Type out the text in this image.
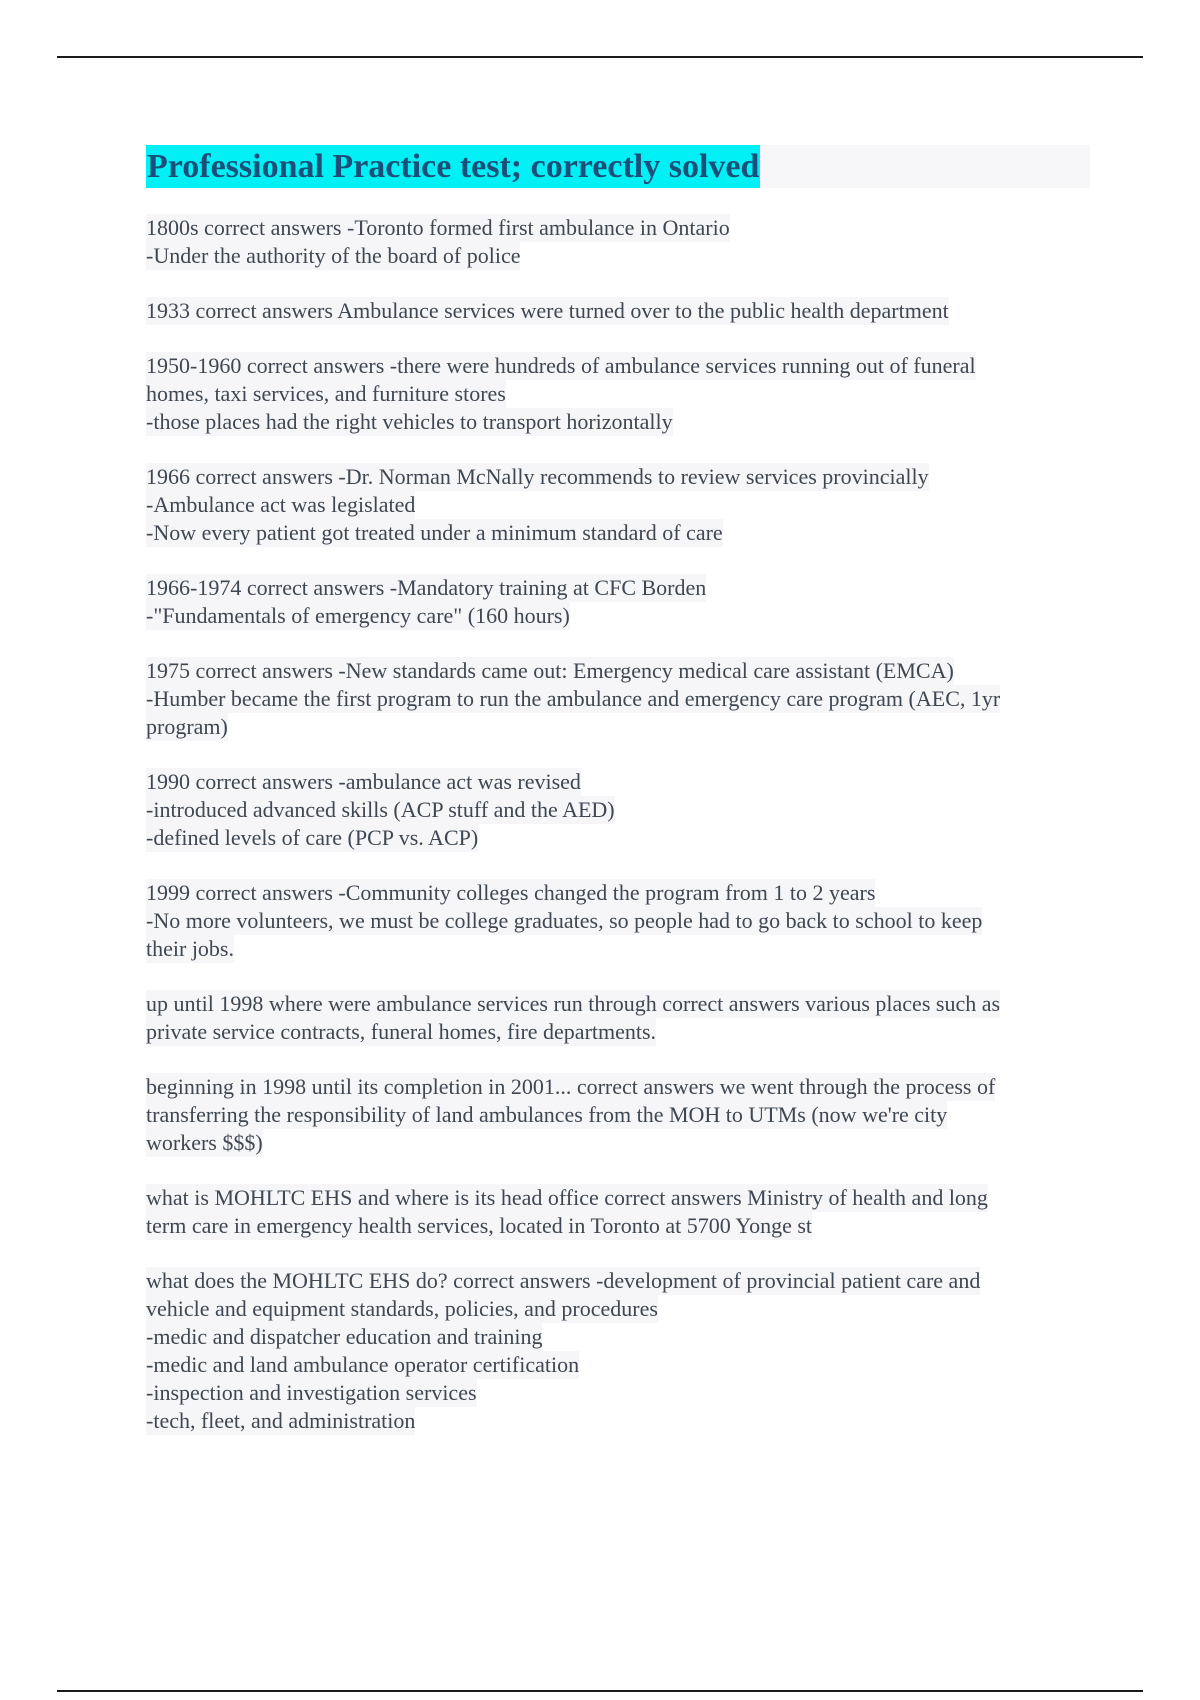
Professional Practice test; correctly solved
1800s correct answers -Toronto formed first ambulance in Ontario
-Under the authority of the board of police
1933 correct answers Ambulance services were turned over to the public health department
1950-1960 correct answers -there were hundreds of ambulance services running out of funeral
homes, taxi services, and furniture stores
-those places had the right vehicles to transport horizontally
1966 correct answers -Dr. Norman McNally recommends to review services provincially
-Ambulance act was legislated
-Now every patient got treated under a minimum standard of care
1966-1974 correct answers -Mandatory training at CFC Borden
-"Fundamentals of emergency care" (160 hours)
1975 correct answers -New standards came out: Emergency medical care assistant (EMCA)
-Humber became the first program to run the ambulance and emergency care program (AEC, 1yr
program)
1990 correct answers -ambulance act was revised
-introduced advanced skills (ACP stuff and the AED)
-defined levels of care (PCP vs. ACP)
1999 correct answers -Community colleges changed the program from 1 to 2 years
-No more volunteers, we must be college graduates, so people had to go back to school to keep
their jobs.
up until 1998 where were ambulance services run through correct answers various places such as
private service contracts, funeral homes, fire departments.
beginning in 1998 until its completion in 2001... correct answers we went through the process of
transferring the responsibility of land ambulances from the MOH to UTMs (now we're city
workers $$$)
what is MOHLTC EHS and where is its head office correct answers Ministry of health and long
term care in emergency health services, located in Toronto at 5700 Yonge st
what does the MOHLTC EHS do? correct answers -development of provincial patient care and
vehicle and equipment standards, policies, and procedures
-medic and dispatcher education and training
-medic and land ambulance operator certification
-inspection and investigation services
-tech, fleet, and administration
